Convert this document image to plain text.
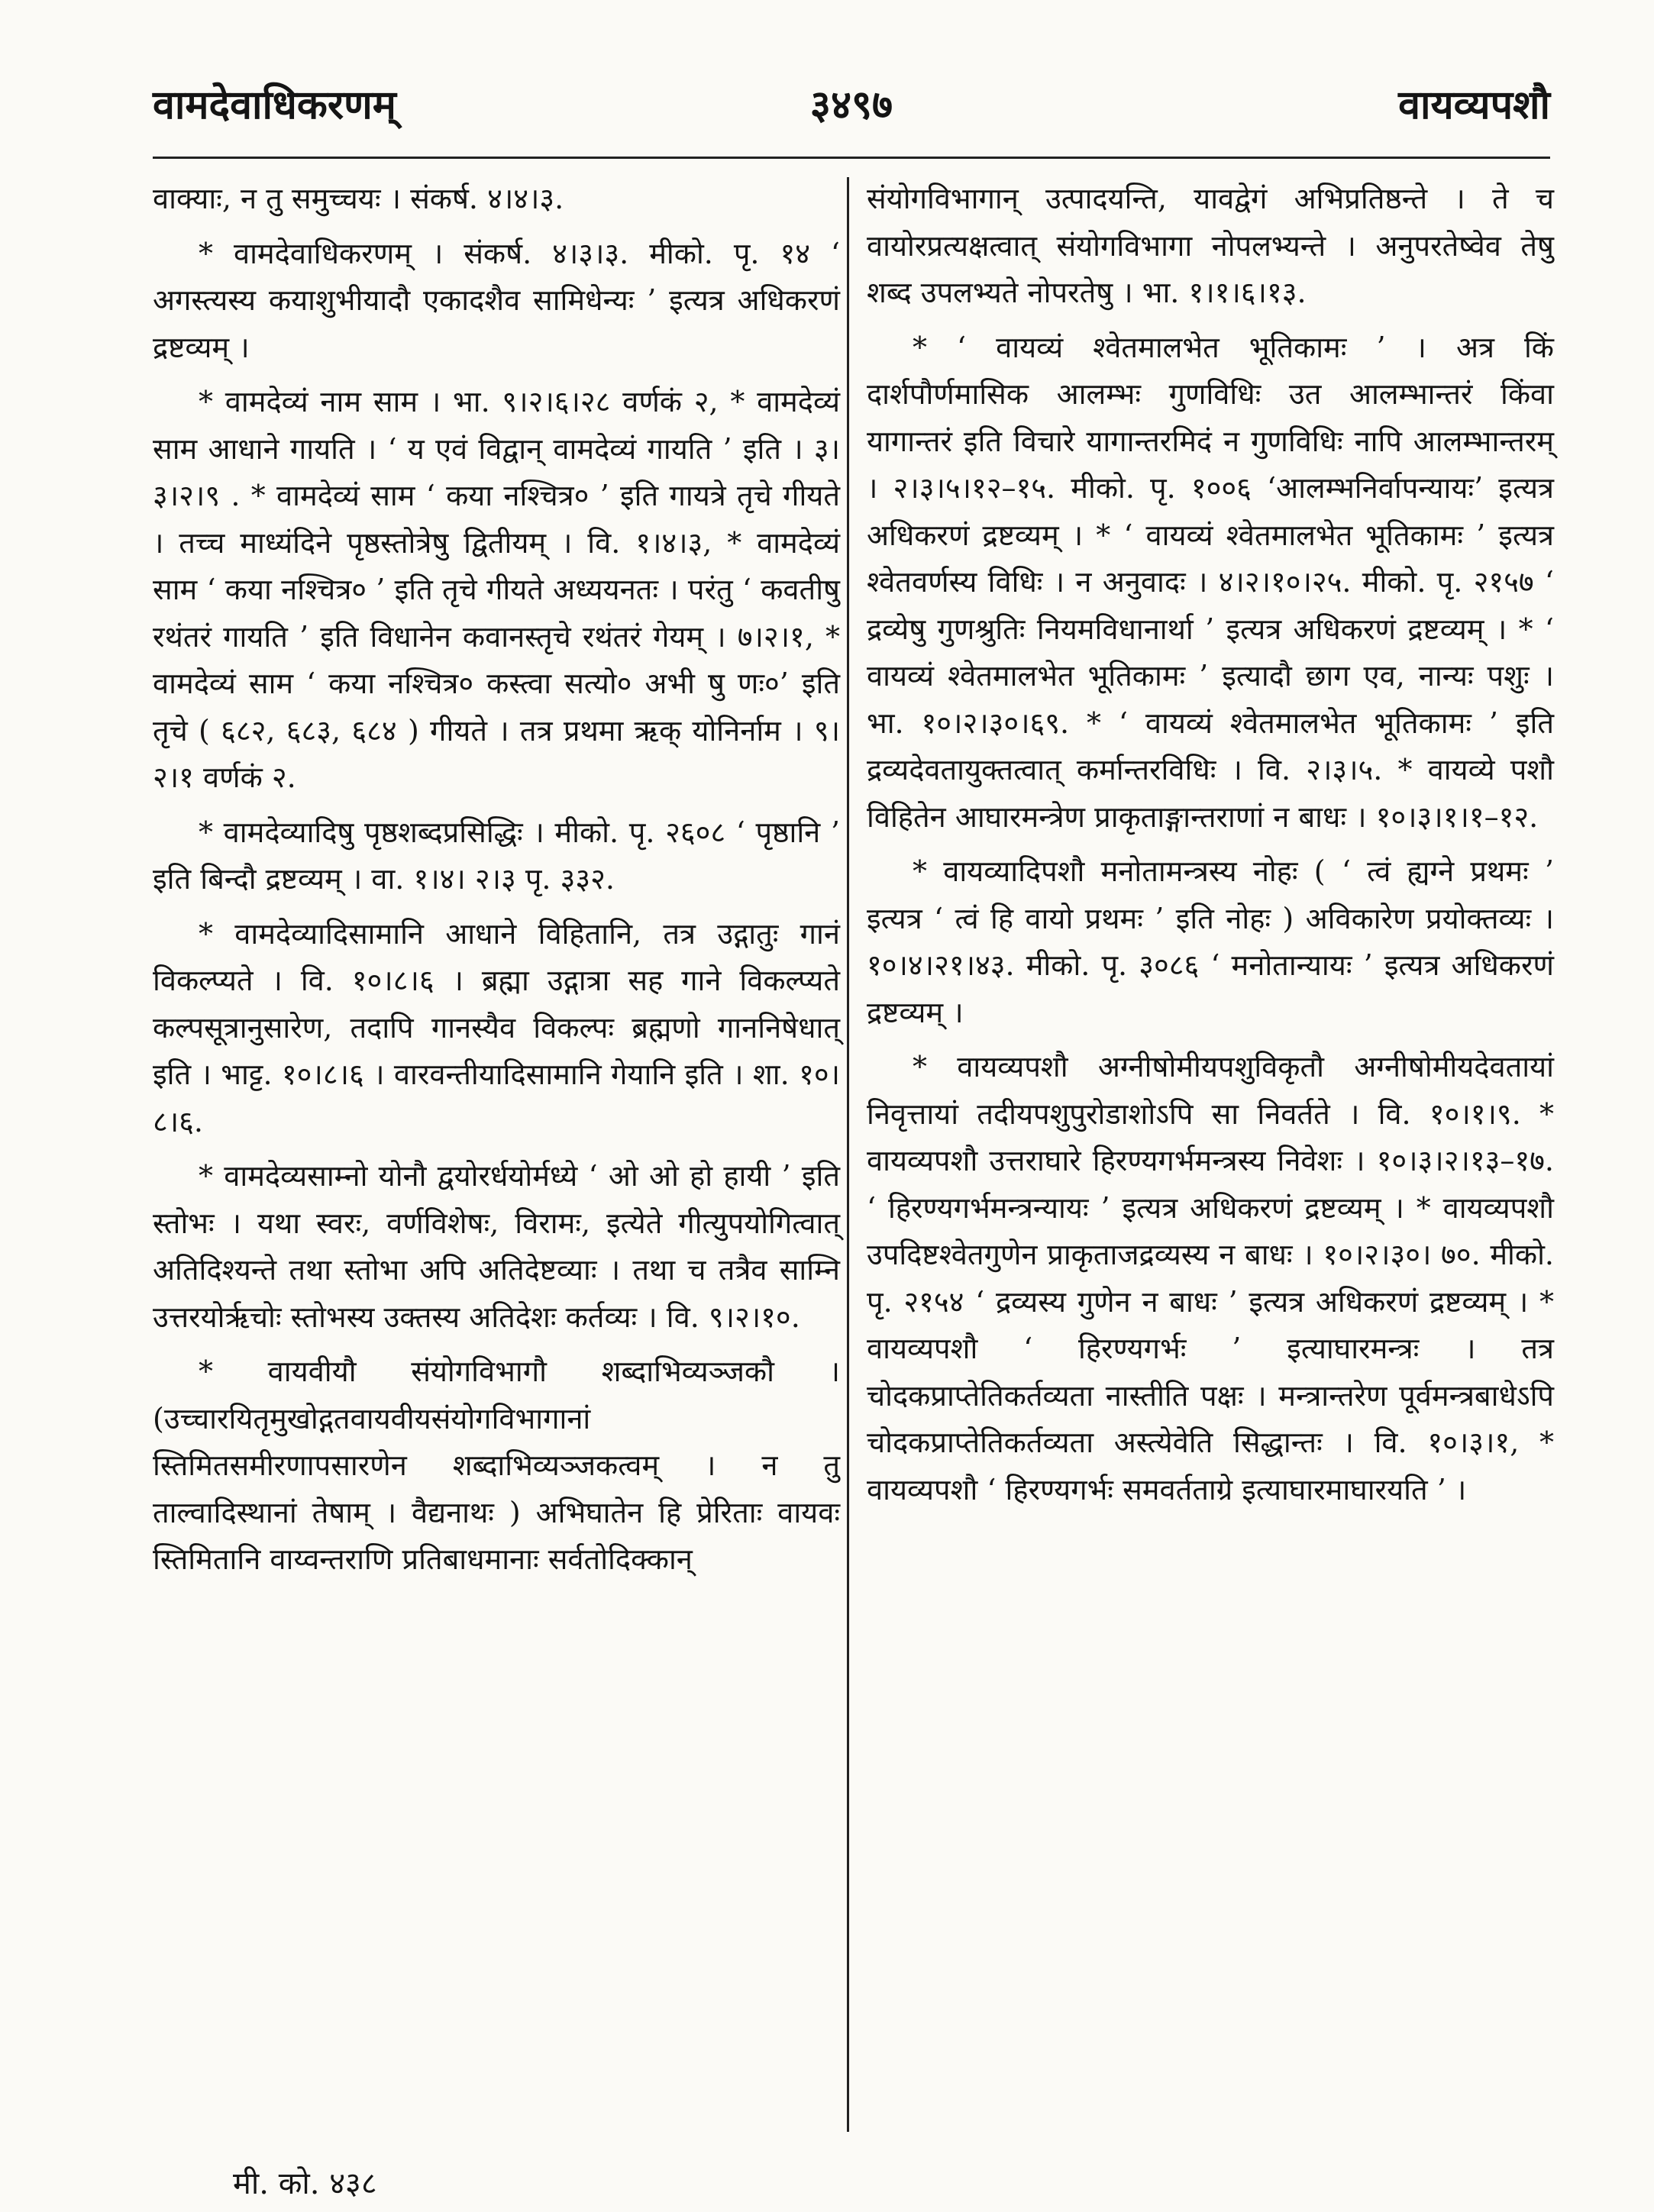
वामदेवाधिकरणम्	३४९७	वायव्यपशौ

वाक्याः, न तु समुच्चयः । संकर्ष. ४।४।३.

* वामदेवाधिकरणम् । संकर्ष. ४।३।३. मीको. पृ. १४ ‘ अगस्त्यस्य कयाशुभीयादौ एकादशैव सामिधेन्यः ’ इत्यत्र अधिकरणं द्रष्टव्यम् ।

* वामदेव्यं नाम साम । भा. ९।२।६।२८ वर्णकं २, * वामदेव्यं साम आधाने गायति । ‘ य एवं विद्वान् वामदेव्यं गायति ’ इति । ३।३।२।९ . * वामदेव्यं साम ‘ कया नश्चित्र० ’ इति गायत्रे तृचे गीयते । तच्च माध्यंदिने पृष्ठस्तोत्रेषु द्वितीयम् । वि. १।४।३, * वामदेव्यं साम ‘ कया नश्चित्र० ’ इति तृचे गीयते अध्ययनतः । परंतु ‘ कवतीषु रथंतरं गायति ’ इति विधानेन कवानस्तृचे रथंतरं गेयम् । ७।२।१, * वामदेव्यं साम ‘ कया नश्चित्र० कस्त्वा सत्यो० अभी षु णः०’ इति तृचे ( ६८२, ६८३, ६८४ ) गीयते । तत्र प्रथमा ऋक् योनिर्नाम । ९।२।१ वर्णकं २.

* वामदेव्यादिषु पृष्ठशब्दप्रसिद्धिः । मीको. पृ. २६०८ ‘ पृष्ठानि ’ इति बिन्दौ द्रष्टव्यम् । वा. १।४। २।३ पृ. ३३२.

* वामदेव्यादिसामानि आधाने विहितानि, तत्र उद्गातुः गानं विकल्प्यते । वि. १०।८।६ । ब्रह्मा उद्गात्रा सह गाने विकल्प्यते कल्पसूत्रानुसारेण, तदापि गानस्यैव विकल्पः ब्रह्मणो गाननिषेधात् इति । भाट्ट. १०।८।६ । वारवन्तीयादिसामानि गेयानि इति । शा. १०।८।६.

* वामदेव्यसाम्नो योनौ द्वयोरर्धयोर्मध्ये ‘ ओ ओ हो हायी ’ इति स्तोभः । यथा स्वरः, वर्णविशेषः, विरामः, इत्येते गीत्युपयोगित्वात् अतिदिश्यन्ते तथा स्तोभा अपि अतिदेष्टव्याः । तथा च तत्रैव साम्नि उत्तरयोर्ऋचोः स्तोभस्य उक्तस्य अतिदेशः कर्तव्यः । वि. ९।२।१०.

* वायवीयौ संयोगविभागौ शब्दाभिव्यञ्जकौ । (उच्चारयितृमुखोद्गतवायवीयसंयोगविभागानां स्तिमितसमीरणापसारणेन शब्दाभिव्यञ्जकत्वम् । न तु ताल्वादिस्थानां तेषाम् । वैद्यनाथः ) अभिघातेन हि प्रेरिताः वायवः स्तिमितानि वाय्वन्तराणि प्रतिबाधमानाः सर्वतोदिक्कान्

संयोगविभागान् उत्पादयन्ति, यावद्वेगं अभिप्रतिष्ठन्ते । ते च वायोरप्रत्यक्षत्वात् संयोगविभागा नोपलभ्यन्ते । अनुपरतेष्वेव तेषु शब्द उपलभ्यते नोपरतेषु । भा. १।१।६।१३.

* ‘ वायव्यं श्वेतमालभेत भूतिकामः ’ । अत्र किं दार्शपौर्णमासिक आलम्भः गुणविधिः उत आलम्भान्तरं किंवा यागान्तरं इति विचारे यागान्तरमिदं न गुणविधिः नापि आलम्भान्तरम् । २।३।५।१२–१५. मीको. पृ. १००६ ‘आलम्भनिर्वापन्यायः’ इत्यत्र अधिकरणं द्रष्टव्यम् । * ‘ वायव्यं श्वेतमालभेत भूतिकामः ’ इत्यत्र श्वेतवर्णस्य विधिः । न अनुवादः । ४।२।१०।२५. मीको. पृ. २१५७ ‘ द्रव्येषु गुणश्रुतिः नियमविधानार्था ’ इत्यत्र अधिकरणं द्रष्टव्यम् । * ‘ वायव्यं श्वेतमालभेत भूतिकामः ’ इत्यादौ छाग एव, नान्यः पशुः । भा. १०।२।३०।६९. * ‘ वायव्यं श्वेतमालभेत भूतिकामः ’ इति द्रव्यदेवतायुक्तत्वात् कर्मान्तरविधिः । वि. २।३।५. * वायव्ये पशौ विहितेन आघारमन्त्रेण प्राकृताङ्गान्तराणां न बाधः । १०।३।१।१–१२.

* वायव्यादिपशौ मनोतामन्त्रस्य नोहः ( ‘ त्वं ह्यग्ने प्रथमः ’ इत्यत्र ‘ त्वं हि वायो प्रथमः ’ इति नोहः ) अविकारेण प्रयोक्तव्यः । १०।४।२१।४३. मीको. पृ. ३०८६ ‘ मनोतान्यायः ’ इत्यत्र अधिकरणं द्रष्टव्यम् ।

* वायव्यपशौ अग्नीषोमीयपशुविकृतौ अग्नीषोमीयदेवतायां निवृत्तायां तदीयपशुपुरोडाशोऽपि सा निवर्तते । वि. १०।१।९. * वायव्यपशौ उत्तराघारे हिरण्यगर्भमन्त्रस्य निवेशः । १०।३।२।१३–१७. ‘ हिरण्यगर्भमन्त्रन्यायः ’ इत्यत्र अधिकरणं द्रष्टव्यम् । * वायव्यपशौ उपदिष्टश्वेतगुणेन प्राकृताजद्रव्यस्य न बाधः । १०।२।३०। ७०. मीको. पृ. २१५४ ‘ द्रव्यस्य गुणेन न बाधः ’ इत्यत्र अधिकरणं द्रष्टव्यम् । * वायव्यपशौ ‘ हिरण्यगर्भः ’ इत्याघारमन्त्रः । तत्र चोदकप्राप्तेतिकर्तव्यता नास्तीति पक्षः । मन्त्रान्तरेण पूर्वमन्त्रबाधेऽपि चोदकप्राप्तेतिकर्तव्यता अस्त्येवेति सिद्धान्तः । वि. १०।३।१, * वायव्यपशौ ‘ हिरण्यगर्भः समवर्तताग्रे इत्याघारमाघारयति ’ ।

मी. को. ४३८
